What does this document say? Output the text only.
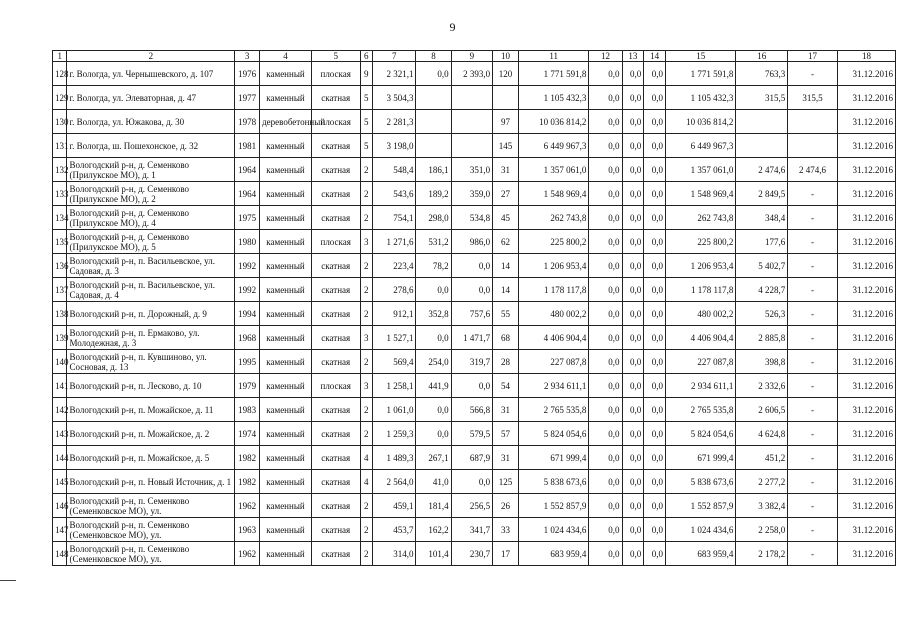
9
1	2	3	4	5	6	7	8	9	10	11	12	13	14	15	16	17	18
128	г. Вологда, ул. Чернышевского, д. 107	1976	каменный	плоская	9	2 321,1	0,0	2 393,0	120	1 771 591,8	0,0	0,0	0,0	1 771 591,8	763,3	-	31.12.2016
129	г. Вологда, ул. Элеваторная, д. 47	1977	каменный	скатная	5	3 504,3				1 105 432,3	0,0	0,0	0,0	1 105 432,3	315,5	315,5	31.12.2016
130	г. Вологда, ул. Южакова, д. 30	1978	деревобетонный	плоская	5	2 281,3			97	10 036 814,2	0,0	0,0	0,0	10 036 814,2			31.12.2016
131	г. Вологда, ш. Пошехонское, д. 32	1981	каменный	скатная	5	3 198,0			145	6 449 967,3	0,0	0,0	0,0	6 449 967,3			31.12.2016
132	Вологодский р-н, д. Семенково (Прилукское МО), д. 1	1964	каменный	скатная	2	548,4	186,1	351,0	31	1 357 061,0	0,0	0,0	0,0	1 357 061,0	2 474,6	2 474,6	31.12.2016
133	Вологодский р-н, д. Семенково (Прилукское МО), д. 2	1964	каменный	скатная	2	543,6	189,2	359,0	27	1 548 969,4	0,0	0,0	0,0	1 548 969,4	2 849,5	-	31.12.2016
134	Вологодский р-н, д. Семенково (Прилукское МО), д. 4	1975	каменный	скатная	2	754,1	298,0	534,8	45	262 743,8	0,0	0,0	0,0	262 743,8	348,4	-	31.12.2016
135	Вологодский р-н, д. Семенково (Прилукское МО), д. 5	1980	каменный	плоская	3	1 271,6	531,2	986,0	62	225 800,2	0,0	0,0	0,0	225 800,2	177,6	-	31.12.2016
136	Вологодский р-н, п. Васильевское, ул. Садовая, д. 3	1992	каменный	скатная	2	223,4	78,2	0,0	14	1 206 953,4	0,0	0,0	0,0	1 206 953,4	5 402,7	-	31.12.2016
137	Вологодский р-н, п. Васильевское, ул. Садовая, д. 4	1992	каменный	скатная	2	278,6	0,0	0,0	14	1 178 117,8	0,0	0,0	0,0	1 178 117,8	4 228,7	-	31.12.2016
138	Вологодский р-н, п. Дорожный, д. 9	1994	каменный	скатная	2	912,1	352,8	757,6	55	480 002,2	0,0	0,0	0,0	480 002,2	526,3	-	31.12.2016
139	Вологодский р-н, п. Ермаково, ул. Молодежная, д. 3	1968	каменный	скатная	3	1 527,1	0,0	1 471,7	68	4 406 904,4	0,0	0,0	0,0	4 406 904,4	2 885,8	-	31.12.2016
140	Вологодский р-н, п. Кувшиново, ул. Сосновая, д. 13	1995	каменный	скатная	2	569,4	254,0	319,7	28	227 087,8	0,0	0,0	0,0	227 087,8	398,8	-	31.12.2016
141	Вологодский р-н, п. Лесково, д. 10	1979	каменный	плоская	3	1 258,1	441,9	0,0	54	2 934 611,1	0,0	0,0	0,0	2 934 611,1	2 332,6	-	31.12.2016
142	Вологодский р-н, п. Можайское, д. 11	1983	каменный	скатная	2	1 061,0	0,0	566,8	31	2 765 535,8	0,0	0,0	0,0	2 765 535,8	2 606,5	-	31.12.2016
143	Вологодский р-н, п. Можайское, д. 2	1974	каменный	скатная	2	1 259,3	0,0	579,5	57	5 824 054,6	0,0	0,0	0,0	5 824 054,6	4 624,8	-	31.12.2016
144	Вологодский р-н, п. Можайское, д. 5	1982	каменный	скатная	4	1 489,3	267,1	687,9	31	671 999,4	0,0	0,0	0,0	671 999,4	451,2	-	31.12.2016
145	Вологодский р-н, п. Новый Источник, д. 1	1982	каменный	скатная	4	2 564,0	41,0	0,0	125	5 838 673,6	0,0	0,0	0,0	5 838 673,6	2 277,2	-	31.12.2016
146	Вологодский р-н, п. Семенково (Семенковское МО), ул.	1962	каменный	скатная	2	459,1	181,4	256,5	26	1 552 857,9	0,0	0,0	0,0	1 552 857,9	3 382,4	-	31.12.2016
147	Вологодский р-н, п. Семенково (Семенковское МО), ул.	1963	каменный	скатная	2	453,7	162,2	341,7	33	1 024 434,6	0,0	0,0	0,0	1 024 434,6	2 258,0	-	31.12.2016
148	Вологодский р-н, п. Семенково (Семенковское МО), ул.	1962	каменный	скатная	2	314,0	101,4	230,7	17	683 959,4	0,0	0,0	0,0	683 959,4	2 178,2	-	31.12.2016
